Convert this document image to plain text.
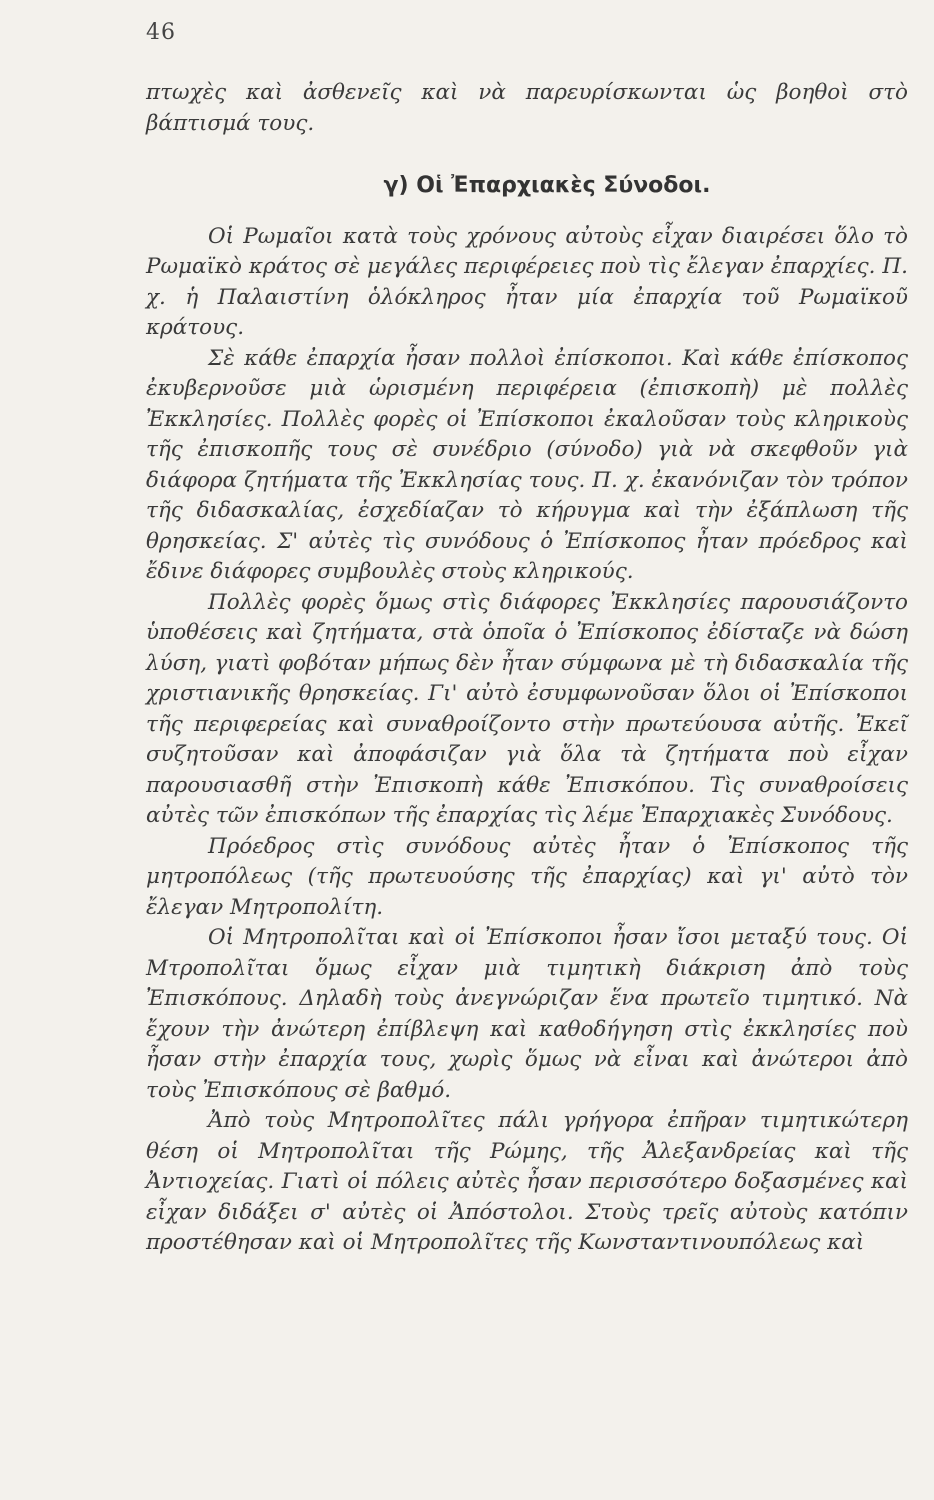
46

πτωχὲς καὶ ἀσθενεῖς καὶ νὰ παρευρίσκωνται ὡς βοηθοὶ στὸ βάπτισμά τους.

γ) Οἱ Ἐπαρχιακὲς Σύνοδοι.

Οἱ Ρωμαῖοι κατὰ τοὺς χρόνους αὐτοὺς εἶχαν διαιρέσει ὅλο τὸ Ρωμαϊκὸ κράτος σὲ μεγάλες περιφέρειες ποὺ τὶς ἔλεγαν ἐπαρχίες. Π. χ. ἡ Παλαιστίνη ὁλόκληρος ἦταν μία ἐπαρχία τοῦ Ρωμαϊκοῦ κράτους.

Σὲ κάθε ἐπαρχία ἦσαν πολλοὶ ἐπίσκοποι. Καὶ κάθε ἐπίσκοπος ἐκυβερνοῦσε μιὰ ὡρισμένη περιφέρεια (ἐπισκοπὴ) μὲ πολλὲς Ἐκκλησίες. Πολλὲς φορὲς οἱ Ἐπίσκοποι ἐκαλοῦσαν τοὺς κληρικοὺς τῆς ἐπισκοπῆς τους σὲ συνέδριο (σύνοδο) γιὰ νὰ σκεφθοῦν γιὰ διάφορα ζητήματα τῆς Ἐκκλησίας τους. Π. χ. ἐκανόνιζαν τὸν τρόπον τῆς διδασκαλίας, ἐσχεδίαζαν τὸ κήρυγμα καὶ τὴν ἐξάπλωση τῆς θρησκείας. Σ' αὐτὲς τὶς συνόδους ὁ Ἐπίσκοπος ἦταν πρόεδρος καὶ ἔδινε διάφορες συμβουλὲς στοὺς κληρικούς.

Πολλὲς φορὲς ὅμως στὶς διάφορες Ἐκκλησίες παρουσιάζοντο ὑποθέσεις καὶ ζητήματα, στὰ ὁποῖα ὁ Ἐπίσκοπος ἐδίσταζε νὰ δώση λύση, γιατὶ φοβόταν μήπως δὲν ἦταν σύμφωνα μὲ τὴ διδασκαλία τῆς χριστιανικῆς θρησκείας. Γι' αὐτὸ ἐσυμφωνοῦσαν ὅλοι οἱ Ἐπίσκοποι τῆς περιφερείας καὶ συναθροίζοντο στὴν πρωτεύουσα αὐτῆς. Ἐκεῖ συζητοῦσαν καὶ ἀποφάσιζαν γιὰ ὅλα τὰ ζητήματα ποὺ εἶχαν παρουσιασθῆ στὴν Ἐπισκοπὴ κάθε Ἐπισκόπου. Τὶς συναθροίσεις αὐτὲς τῶν ἐπισκόπων τῆς ἐπαρχίας τὶς λέμε Ἐπαρχιακὲς Συνόδους.

Πρόεδρος στὶς συνόδους αὐτὲς ἦταν ὁ Ἐπίσκοπος τῆς μητροπόλεως (τῆς πρωτευούσης τῆς ἐπαρχίας) καὶ γι' αὐτὸ τὸν ἔλεγαν Μητροπολίτη.

Οἱ Μητροπολῖται καὶ οἱ Ἐπίσκοποι ἦσαν ἴσοι μεταξύ τους. Οἱ Μτροπολῖται ὅμως εἶχαν μιὰ τιμητικὴ διάκριση ἀπὸ τοὺς Ἐπισκόπους. Δηλαδὴ τοὺς ἀνεγνώριζαν ἕνα πρωτεῖο τιμητικό. Νὰ ἔχουν τὴν ἀνώτερη ἐπίβλεψη καὶ καθοδήγηση στὶς ἐκκλησίες ποὺ ἦσαν στὴν ἐπαρχία τους, χωρὶς ὅμως νὰ εἶναι καὶ ἀνώτεροι ἀπὸ τοὺς Ἐπισκόπους σὲ βαθμό.

Ἀπὸ τοὺς Μητροπολῖτες πάλι γρήγορα ἐπῆραν τιμητικώτερη θέση οἱ Μητροπολῖται τῆς Ρώμης, τῆς Ἀλεξανδρείας καὶ τῆς Ἀντιοχείας. Γιατὶ οἱ πόλεις αὐτὲς ἦσαν περισσότερο δοξασμένες καὶ εἶχαν διδάξει σ' αὐτὲς οἱ Ἀπόστολοι. Στοὺς τρεῖς αὐτοὺς κατόπιν προστέθησαν καὶ οἱ Μητροπολῖτες τῆς Κωνσταντινουπόλεως καὶ
